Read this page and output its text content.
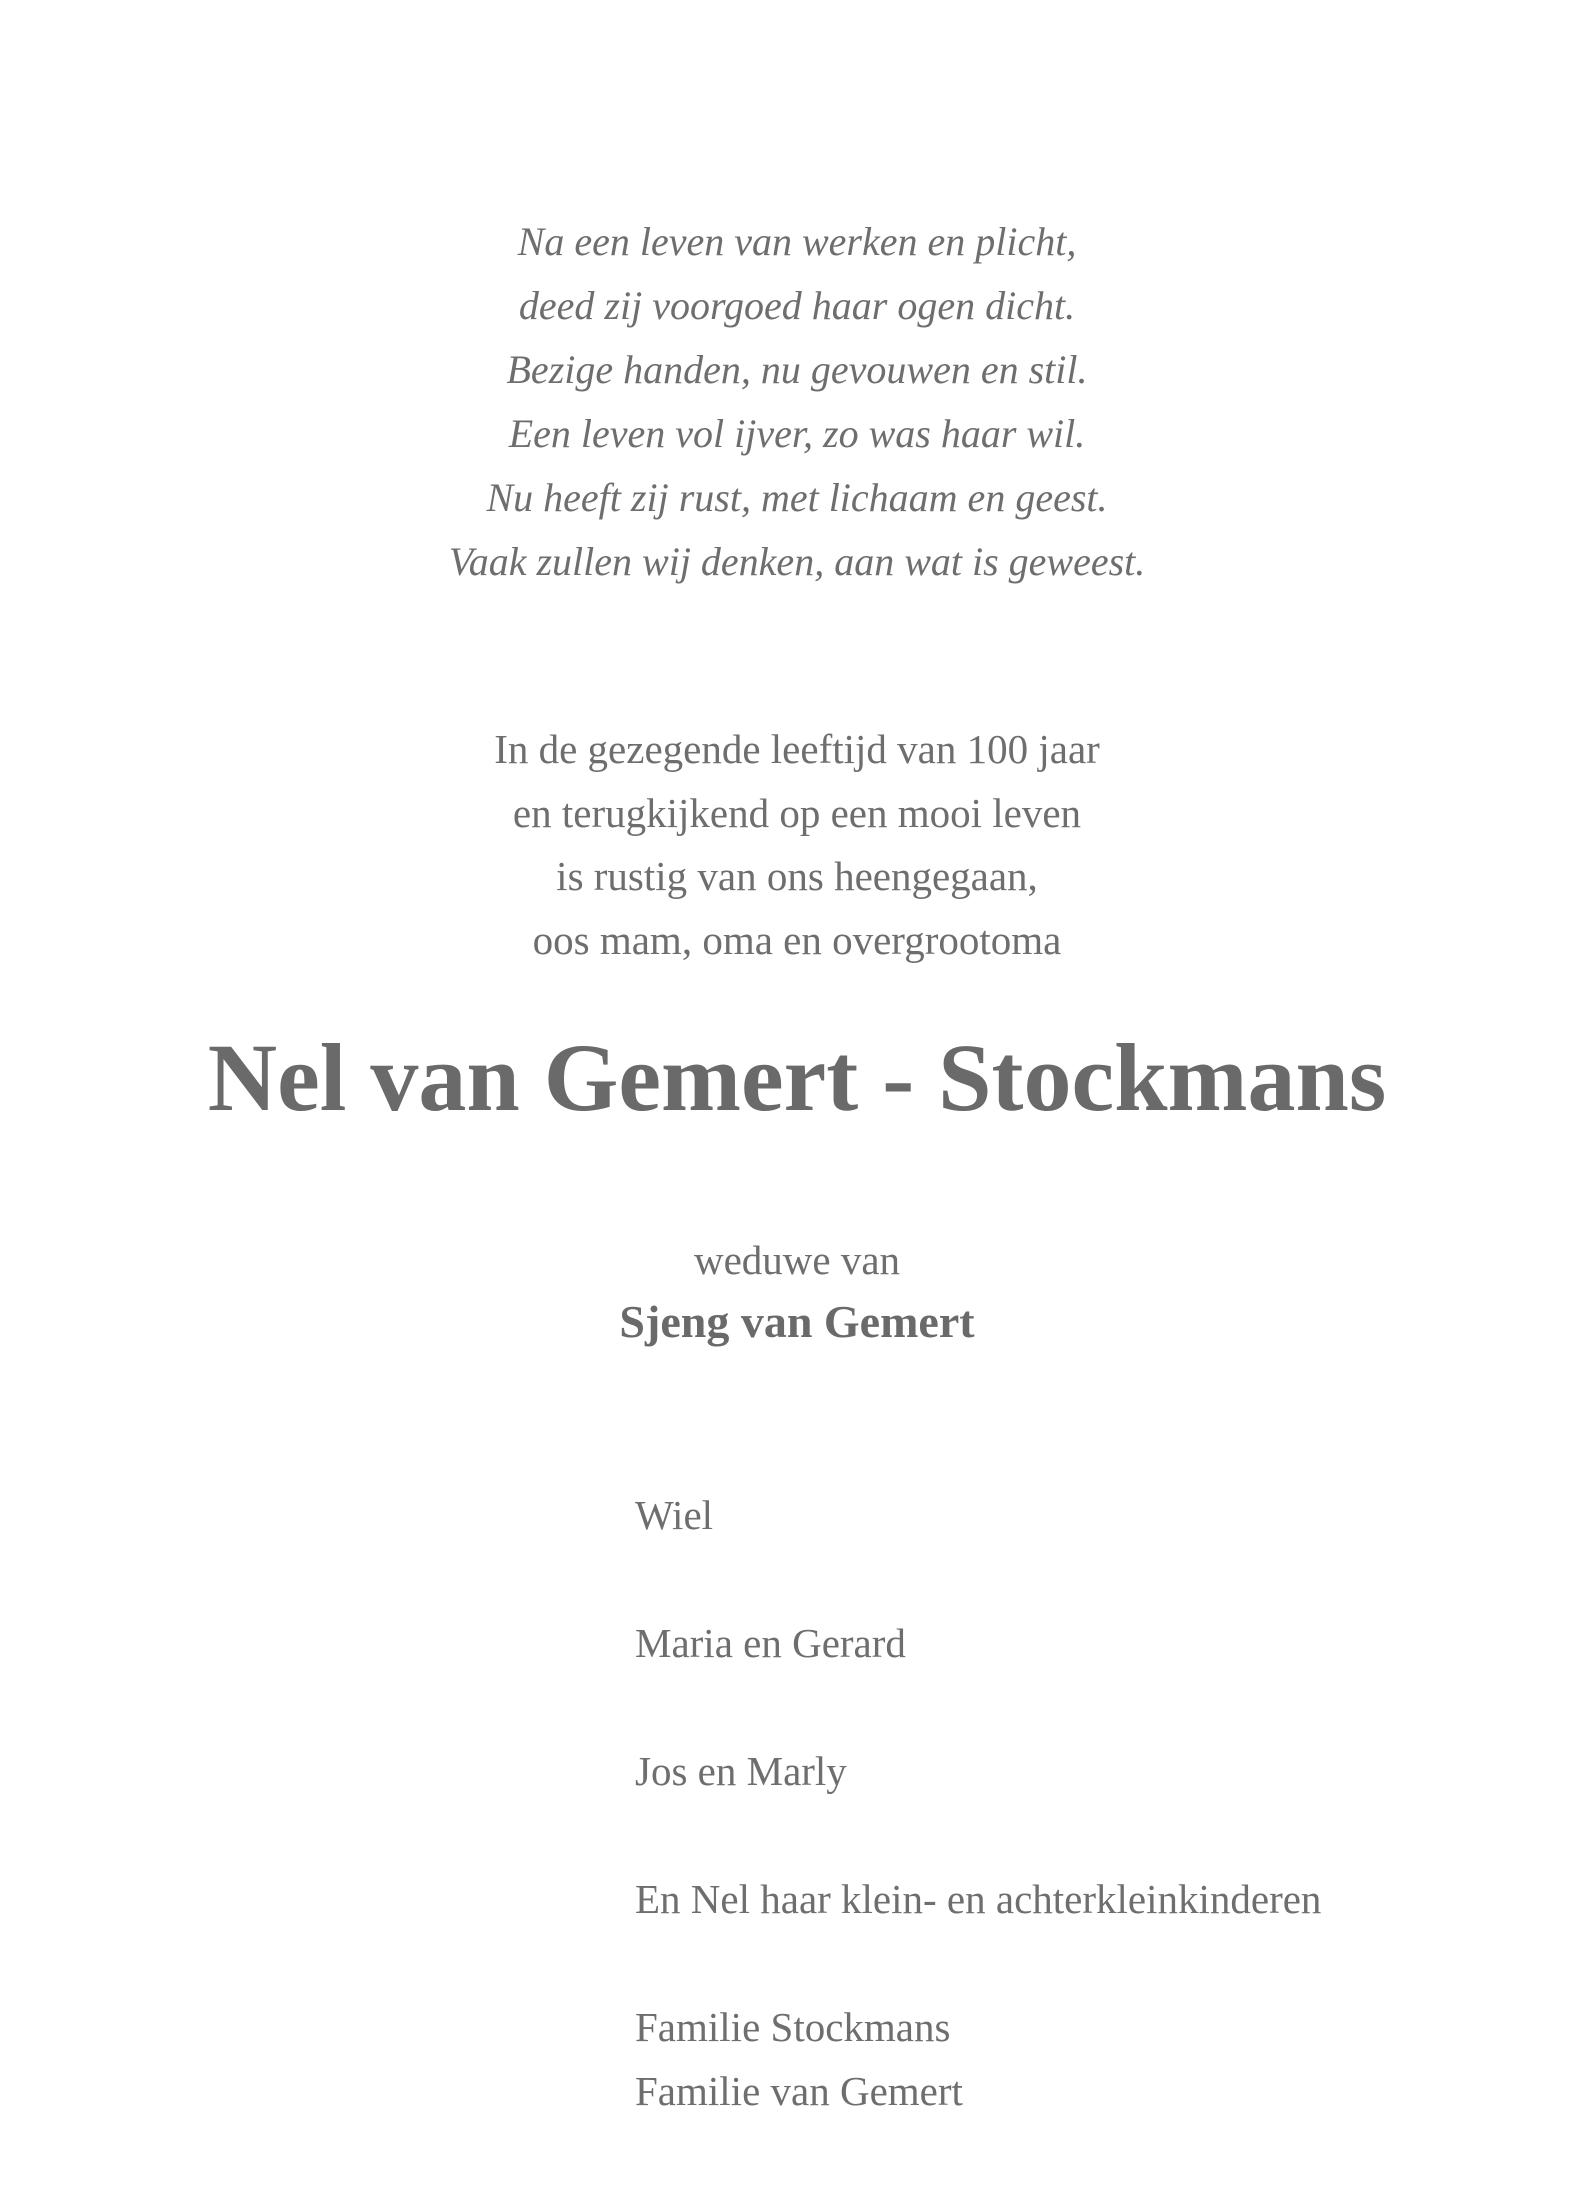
Na een leven van werken en plicht,
deed zij voorgoed haar ogen dicht.
Bezige handen, nu gevouwen en stil.
Een leven vol ijver, zo was haar wil.
Nu heeft zij rust, met lichaam en geest.
Vaak zullen wij denken, aan wat is geweest.
In de gezegende leeftijd van 100 jaar
en terugkijkend op een mooi leven
is rustig van ons heengegaan,
oos mam, oma en overgrootoma
Nel van Gemert - Stockmans
weduwe van
Sjeng van Gemert
Wiel
Maria en Gerard
Jos en Marly
En Nel haar klein- en achterkleinkinderen
Familie Stockmans
Familie van Gemert
